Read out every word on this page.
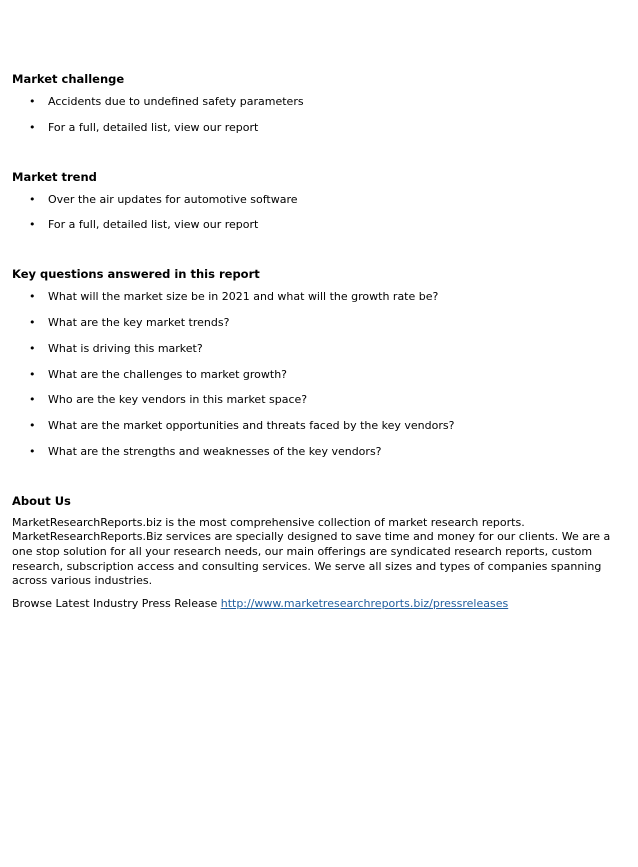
Market challenge
• Accidents due to undefined safety parameters
• For a full, detailed list, view our report
Market trend
• Over the air updates for automotive software
• For a full, detailed list, view our report
Key questions answered in this report
• What will the market size be in 2021 and what will the growth rate be?
• What are the key market trends?
• What is driving this market?
• What are the challenges to market growth?
• Who are the key vendors in this market space?
• What are the market opportunities and threats faced by the key vendors?
• What are the strengths and weaknesses of the key vendors?
About Us

MarketResearchReports.biz is the most comprehensive collection of market research reports. MarketResearchReports.Biz services are specially designed to save time and money for our clients. We are a one stop solution for all your research needs, our main offerings are syndicated research reports, custom research, subscription access and consulting services. We serve all sizes and types of companies spanning across various industries.

Browse Latest Industry Press Release http://www.marketresearchreports.biz/pressreleases
